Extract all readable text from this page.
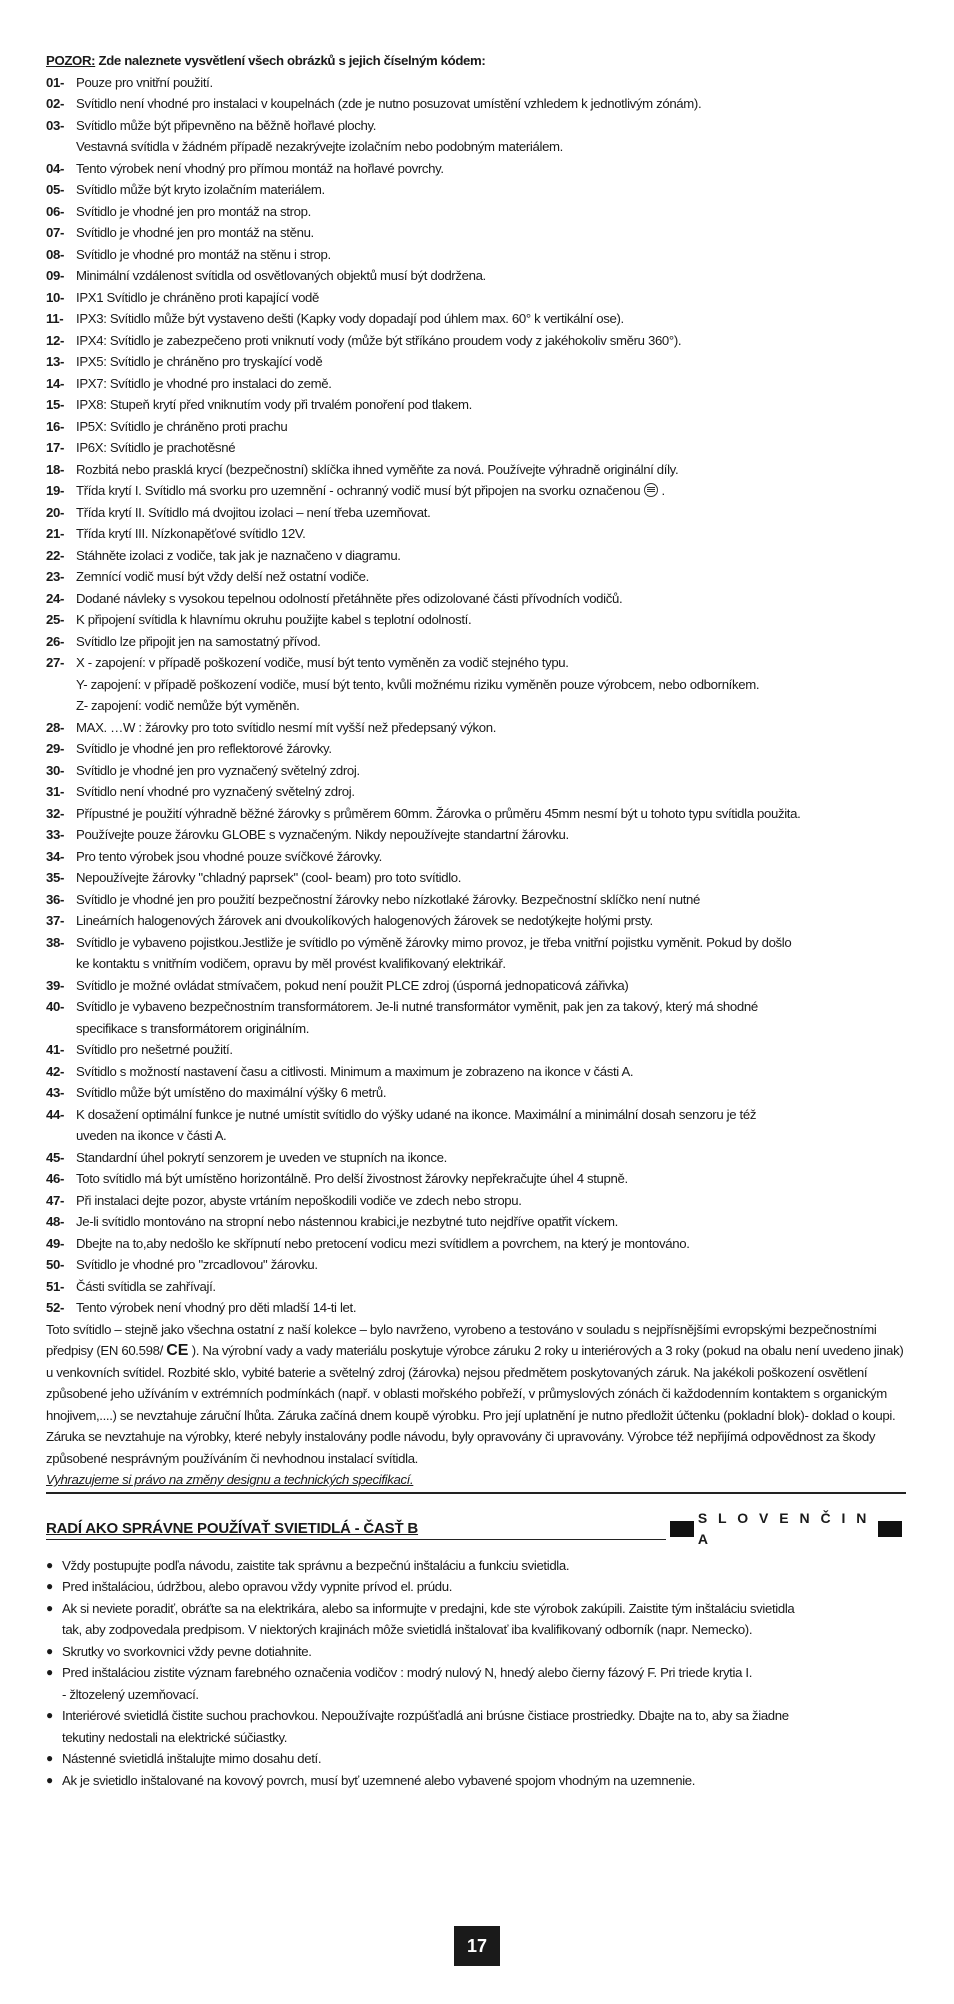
POZOR: Zde naleznete vysvětlení všech obrázků s jejich číselným kódem:
01- Pouze pro vnitřní použití.
02- Svítidlo není vhodné pro instalaci v koupelnách (zde je nutno posuzovat umístění vzhledem k jednotlivým zónám).
03- Svítidlo může být připevněno na běžně hořlavé plochy.
Vestavná svítidla v žádném případě nezakrývejte izolačním nebo podobným materiálem.
04- Tento výrobek není vhodný pro přímou montáž na hořlavé povrchy.
05- Svítidlo může být kryto izolačním materiálem.
06- Svítidlo je vhodné jen pro montáž na strop.
07- Svítidlo je vhodné jen pro montáž na stěnu.
08- Svítidlo je vhodné pro montáž na stěnu i strop.
09- Minimální vzdálenost svítidla od osvětlovaných objektů musí být dodržena.
10- IPX1 Svítidlo je chráněno proti kapající vodě
11- IPX3: Svítidlo může být vystaveno dešti (Kapky vody dopadají pod úhlem max. 60° k vertikální ose).
12- IPX4: Svítidlo je zabezpečeno proti vniknutí vody (může být stříkáno proudem vody z jakéhokoliv směru 360°).
13- IPX5: Svítidlo je chráněno pro tryskající vodě
14- IPX7: Svítidlo je vhodné pro instalaci do země.
15- IPX8: Stupeň krytí před vniknutím vody při trvalém ponoření pod tlakem.
16- IP5X: Svítidlo je chráněno proti prachu
17- IP6X: Svítidlo je prachotěsné
18- Rozbitá nebo prasklá krycí (bezpečnostní) sklíčka ihned vyměňte za nová. Používejte výhradně originální díly.
19- Třída krytí I. Svítidlo má svorku pro uzemnění - ochranný vodič musí být připojen na svorku označenou .
20- Třída krytí II. Svítidlo má dvojitou izolaci – není třeba uzemňovat.
21- Třída krytí III. Nízkonapěťové svítidlo 12V.
22- Stáhněte izolaci z vodiče, tak jak je naznačeno v diagramu.
23- Zemnící vodič musí být vždy delší než ostatní vodiče.
24- Dodané návleky s vysokou tepelnou odolností přetáhněte přes odizolované části přívodních vodičů.
25- K připojení svítidla k hlavnímu okruhu použijte kabel s teplotní odolností.
26- Svítidlo lze připojit jen na samostatný přívod.
27- X - zapojení: v případě poškození vodiče, musí být tento vyměněn za vodič stejného typu.
Y- zapojení: v případě poškození vodiče, musí být tento, kvůli možnému riziku vyměněn pouze výrobcem, nebo odborníkem.
Z- zapojení: vodič nemůže být vyměněn.
28- MAX. …W : žárovky pro toto svítidlo nesmí mít vyšší než předepsaný výkon.
29- Svítidlo je vhodné jen pro reflektorové žárovky.
30- Svítidlo je vhodné jen pro vyznačený světelný zdroj.
31- Svítidlo není vhodné pro vyznačený světelný zdroj.
32- Přípustné je použití výhradně běžné žárovky s průměrem 60mm. Žárovka o průměru 45mm nesmí být u tohoto typu svítidla použita.
33- Používejte pouze žárovku GLOBE s vyznačeným. Nikdy nepoužívejte standartní žárovku.
34- Pro tento výrobek jsou vhodné pouze svíčkové žárovky.
35- Nepoužívejte žárovky "chladný paprsek" (cool- beam) pro toto svítidlo.
36- Svítidlo je vhodné jen pro použití bezpečnostní žárovky nebo nízkotlaké žárovky. Bezpečnostní sklíčko není nutné
37- Lineárních halogenových žárovek ani dvoukolíkových halogenových žárovek se nedotýkejte holými prsty.
38- Svítidlo je vybaveno pojistkou.Jestliže je svítidlo po výměně žárovky mimo provoz, je třeba vnitřní pojistku vyměnit. Pokud by došlo
ke kontaktu s vnitřním vodičem, opravu by měl provést kvalifikovaný elektrikář.
39- Svítidlo je možné ovládat stmívačem, pokud není použit PLCE zdroj (úsporná jednopaticová zářivka)
40- Svítidlo je vybaveno bezpečnostním transformátorem. Je-li nutné transformátor vyměnit, pak jen za takový, který má shodné
specifikace s transformátorem originálním.
41- Svítidlo pro nešetrné použití.
42- Svítidlo s možností nastavení času a citlivosti. Minimum a maximum je zobrazeno na ikonce v části A.
43- Svítidlo může být umístěno do maximální výšky 6 metrů.
44- K dosažení optimální funkce je nutné umístit svítidlo do výšky udané na ikonce. Maximální a minimální dosah senzoru je též
uveden na ikonce v části A.
45- Standardní úhel pokrytí senzorem je uveden ve stupních na ikonce.
46- Toto svítidlo má být umístěno horizontálně. Pro delší živostnost žárovky nepřekračujte úhel 4 stupně.
47- Při instalaci dejte pozor, abyste vrtáním nepoškodili vodiče ve zdech nebo stropu.
48- Je-li svítidlo montováno na stropní nebo nástennou krabici,je nezbytné tuto nejdříve opatřit víckem.
49- Dbejte na to,aby nedošlo ke skřípnutí nebo pretocení vodicu mezi svítidlem a povrchem, na který je montováno.
50- Svítidlo je vhodné pro "zrcadlovou" žárovku.
51- Části svítidla se zahřívají.
52- Tento výrobek není vhodný pro děti mladší 14-ti let.
Toto svítidlo – stejně jako všechna ostatní z naší kolekce – bylo navrženo, vyrobeno a testováno v souladu s nejpřísnějšími evropskými bezpečnostními předpisy (EN 60.598/ CE ). Na výrobní vady a vady materiálu poskytuje výrobce záruku 2 roky u interiérových a 3 roky (pokud na obalu není uvedeno jinak) u venkovních svítidel. Rozbité sklo, vybité baterie a světelný zdroj (žárovka) nejsou předmětem poskytovaných záruk. Na jakékoli poškození osvětlení způsobené jeho užíváním v extrémních podmínkách (např. v oblasti mořského pobřeží, v průmyslových zónách či každodenním kontaktem s organickým hnojivem,....) se nevztahuje záruční lhůta. Záruka začíná dnem koupě výrobku. Pro její uplatnění je nutno předložit účtenku (pokladní blok)- doklad o koupi. Záruka se nevztahuje na výrobky, které nebyly instalovány podle návodu, byly opravovány či upravovány. Výrobce též nepřijímá odpovědnost za škody způsobené nesprávným používáním či nevhodnou instalací svítidla.
Vyhrazujeme si právo na změny designu a technických specifikací.
RADÍ AKO SPRÁVNE POUŽÍVAŤ SVIETIDLÁ - ČASŤ B
S L O V E N Č I N A
● Vždy postupujte podľa návodu, zaistite tak správnu a bezpečnú inštaláciu a funkciu svietidla.
● Pred inštaláciou, údržbou, alebo opravou vždy vypnite prívod el. prúdu.
● Ak si neviete poradiť, obráťte sa na elektrikára, alebo sa informujte v predajni, kde ste výrobok zakúpili. Zaistite tým inštaláciu svietidla
tak, aby zodpovedala predpisom. V niektorých krajinách môže svietidlá inštalovať iba kvalifikovaný odborník (napr. Nemecko).
● Skrutky vo svorkovnici vždy pevne dotiahnite.
● Pred inštaláciou zistite význam farebného označenia vodičov : modrý nulový N, hnedý alebo čierny fázový F. Pri triede krytia I.
- žltozelený uzemňovací.
● Interiérové svietidlá čistite suchou prachovkou. Nepoužívajte rozpúšťadlá ani brúsne čistiace prostriedky. Dbajte na to, aby sa žiadne
tekutiny nedostali na elektrické súčiastky.
● Nástenné svietidlá inštalujte mimo dosahu detí.
● Ak je svietidlo inštalované na kovový povrch, musí byť uzemnené alebo vybavené spojom vhodným na uzemnenie.
17
